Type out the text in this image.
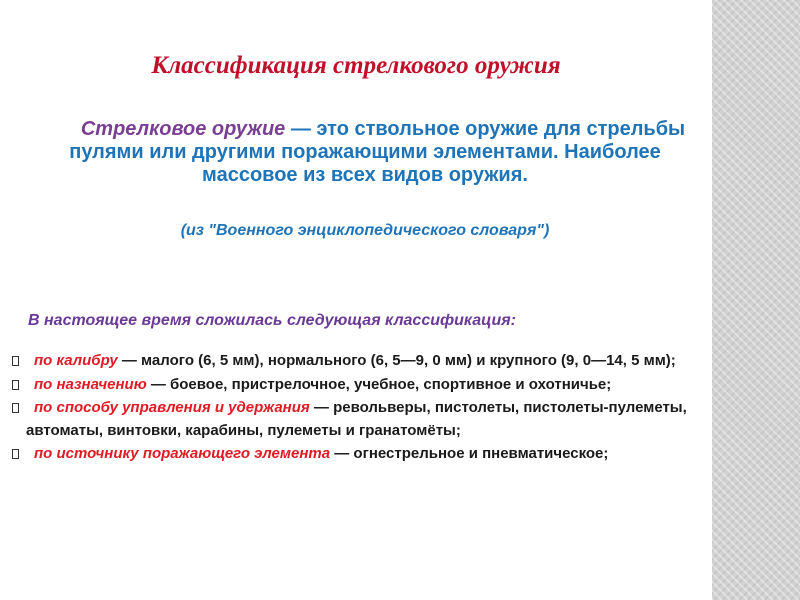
Классификация стрелкового оружия
Стрелковое оружие — это ствольное оружие для стрельбы пулями или другими поражающими элементами. Наиболее массовое из всех видов оружия.
(из "Военного энциклопедического словаря")
В настоящее время сложилась следующая классификация:
по калибру — малого (6, 5 мм), нормального (6, 5—9, 0 мм) и крупного (9, 0—14, 5 мм);
по назначению — боевое, пристрелочное, учебное, спортивное и охотничье;
по способу управления и удержания — револьверы, пистолеты, пистолеты-пулеметы, автоматы, винтовки, карабины, пулеметы и гранатомёты;
по источнику поражающего элемента — огнестрельное и пневматическое;
